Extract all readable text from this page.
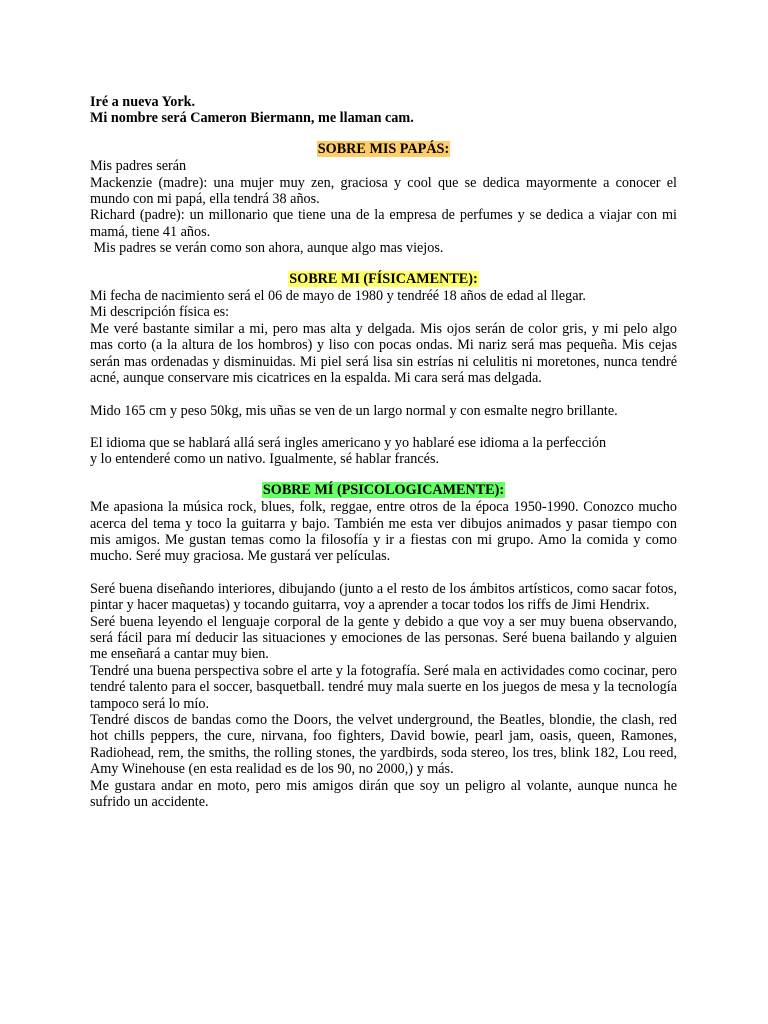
Iré a nueva York.

Mi nombre será Cameron Biermann, me llaman cam.

SOBRE MIS PAPÁS:

Mis padres serán

Mackenzie (madre): una mujer muy zen, graciosa y cool que se dedica mayormente a conocer el mundo con mi papá, ella tendrá 38 años.

Richard (padre): un millonario que tiene una de la empresa de perfumes y se dedica a viajar con mi mamá, tiene 41 años.

Mis padres se verán como son ahora, aunque algo mas viejos.

SOBRE MI (FÍSICAMENTE):

Mi fecha de nacimiento será el 06 de mayo de 1980 y tendréé 18 años de edad al llegar.

Mi descripción física es:

Me veré bastante similar a mi, pero mas alta y delgada. Mis ojos serán de color gris, y mi pelo algo mas corto (a la altura de los hombros) y liso con pocas ondas. Mi nariz será mas pequeña. Mis cejas serán mas ordenadas y disminuidas. Mi piel será lisa sin estrías ni celulitis ni moretones, nunca tendré acné, aunque conservare mis cicatrices en la espalda. Mi cara será mas delgada.

Mido 165 cm y peso 50kg, mis uñas se ven de un largo normal y con esmalte negro brillante.

El idioma que se hablará allá será ingles americano y yo hablaré ese idioma a la perfección

y lo entenderé como un nativo. Igualmente, sé hablar francés.

SOBRE MÍ (PSICOLOGICAMENTE):

Me apasiona la música rock, blues, folk, reggae, entre otros de la época 1950-1990. Conozco mucho acerca del tema y toco la guitarra y bajo. También me esta ver dibujos animados y pasar tiempo con mis amigos. Me gustan temas como la filosofía y ir a fiestas con mi grupo. Amo la comida y como mucho. Seré muy graciosa. Me gustará ver películas.

Seré buena diseñando interiores, dibujando (junto a el resto de los ámbitos artísticos, como sacar fotos, pintar y hacer maquetas) y tocando guitarra, voy a aprender a tocar todos los riffs de Jimi Hendrix.

Seré buena leyendo el lenguaje corporal de la gente y debido a que voy a ser muy buena observando, será fácil para mí deducir las situaciones y emociones de las personas. Seré buena bailando y alguien me enseñará a cantar muy bien.

Tendré una buena perspectiva sobre el arte y la fotografía. Seré mala en actividades como cocinar, pero tendré talento para el soccer, basquetball. tendré muy mala suerte en los juegos de mesa y la tecnología tampoco será lo mío.

Tendré discos de bandas como the Doors, the velvet underground, the Beatles, blondie, the clash, red hot chills peppers, the cure, nirvana, foo fighters, David bowie, pearl jam, oasis, queen, Ramones, Radiohead, rem, the smiths, the rolling stones, the yardbirds, soda stereo, los tres, blink 182, Lou reed, Amy Winehouse (en esta realidad es de los 90, no 2000,) y más.

Me gustara andar en moto, pero mis amigos dirán que soy un peligro al volante, aunque nunca he sufrido un accidente.
